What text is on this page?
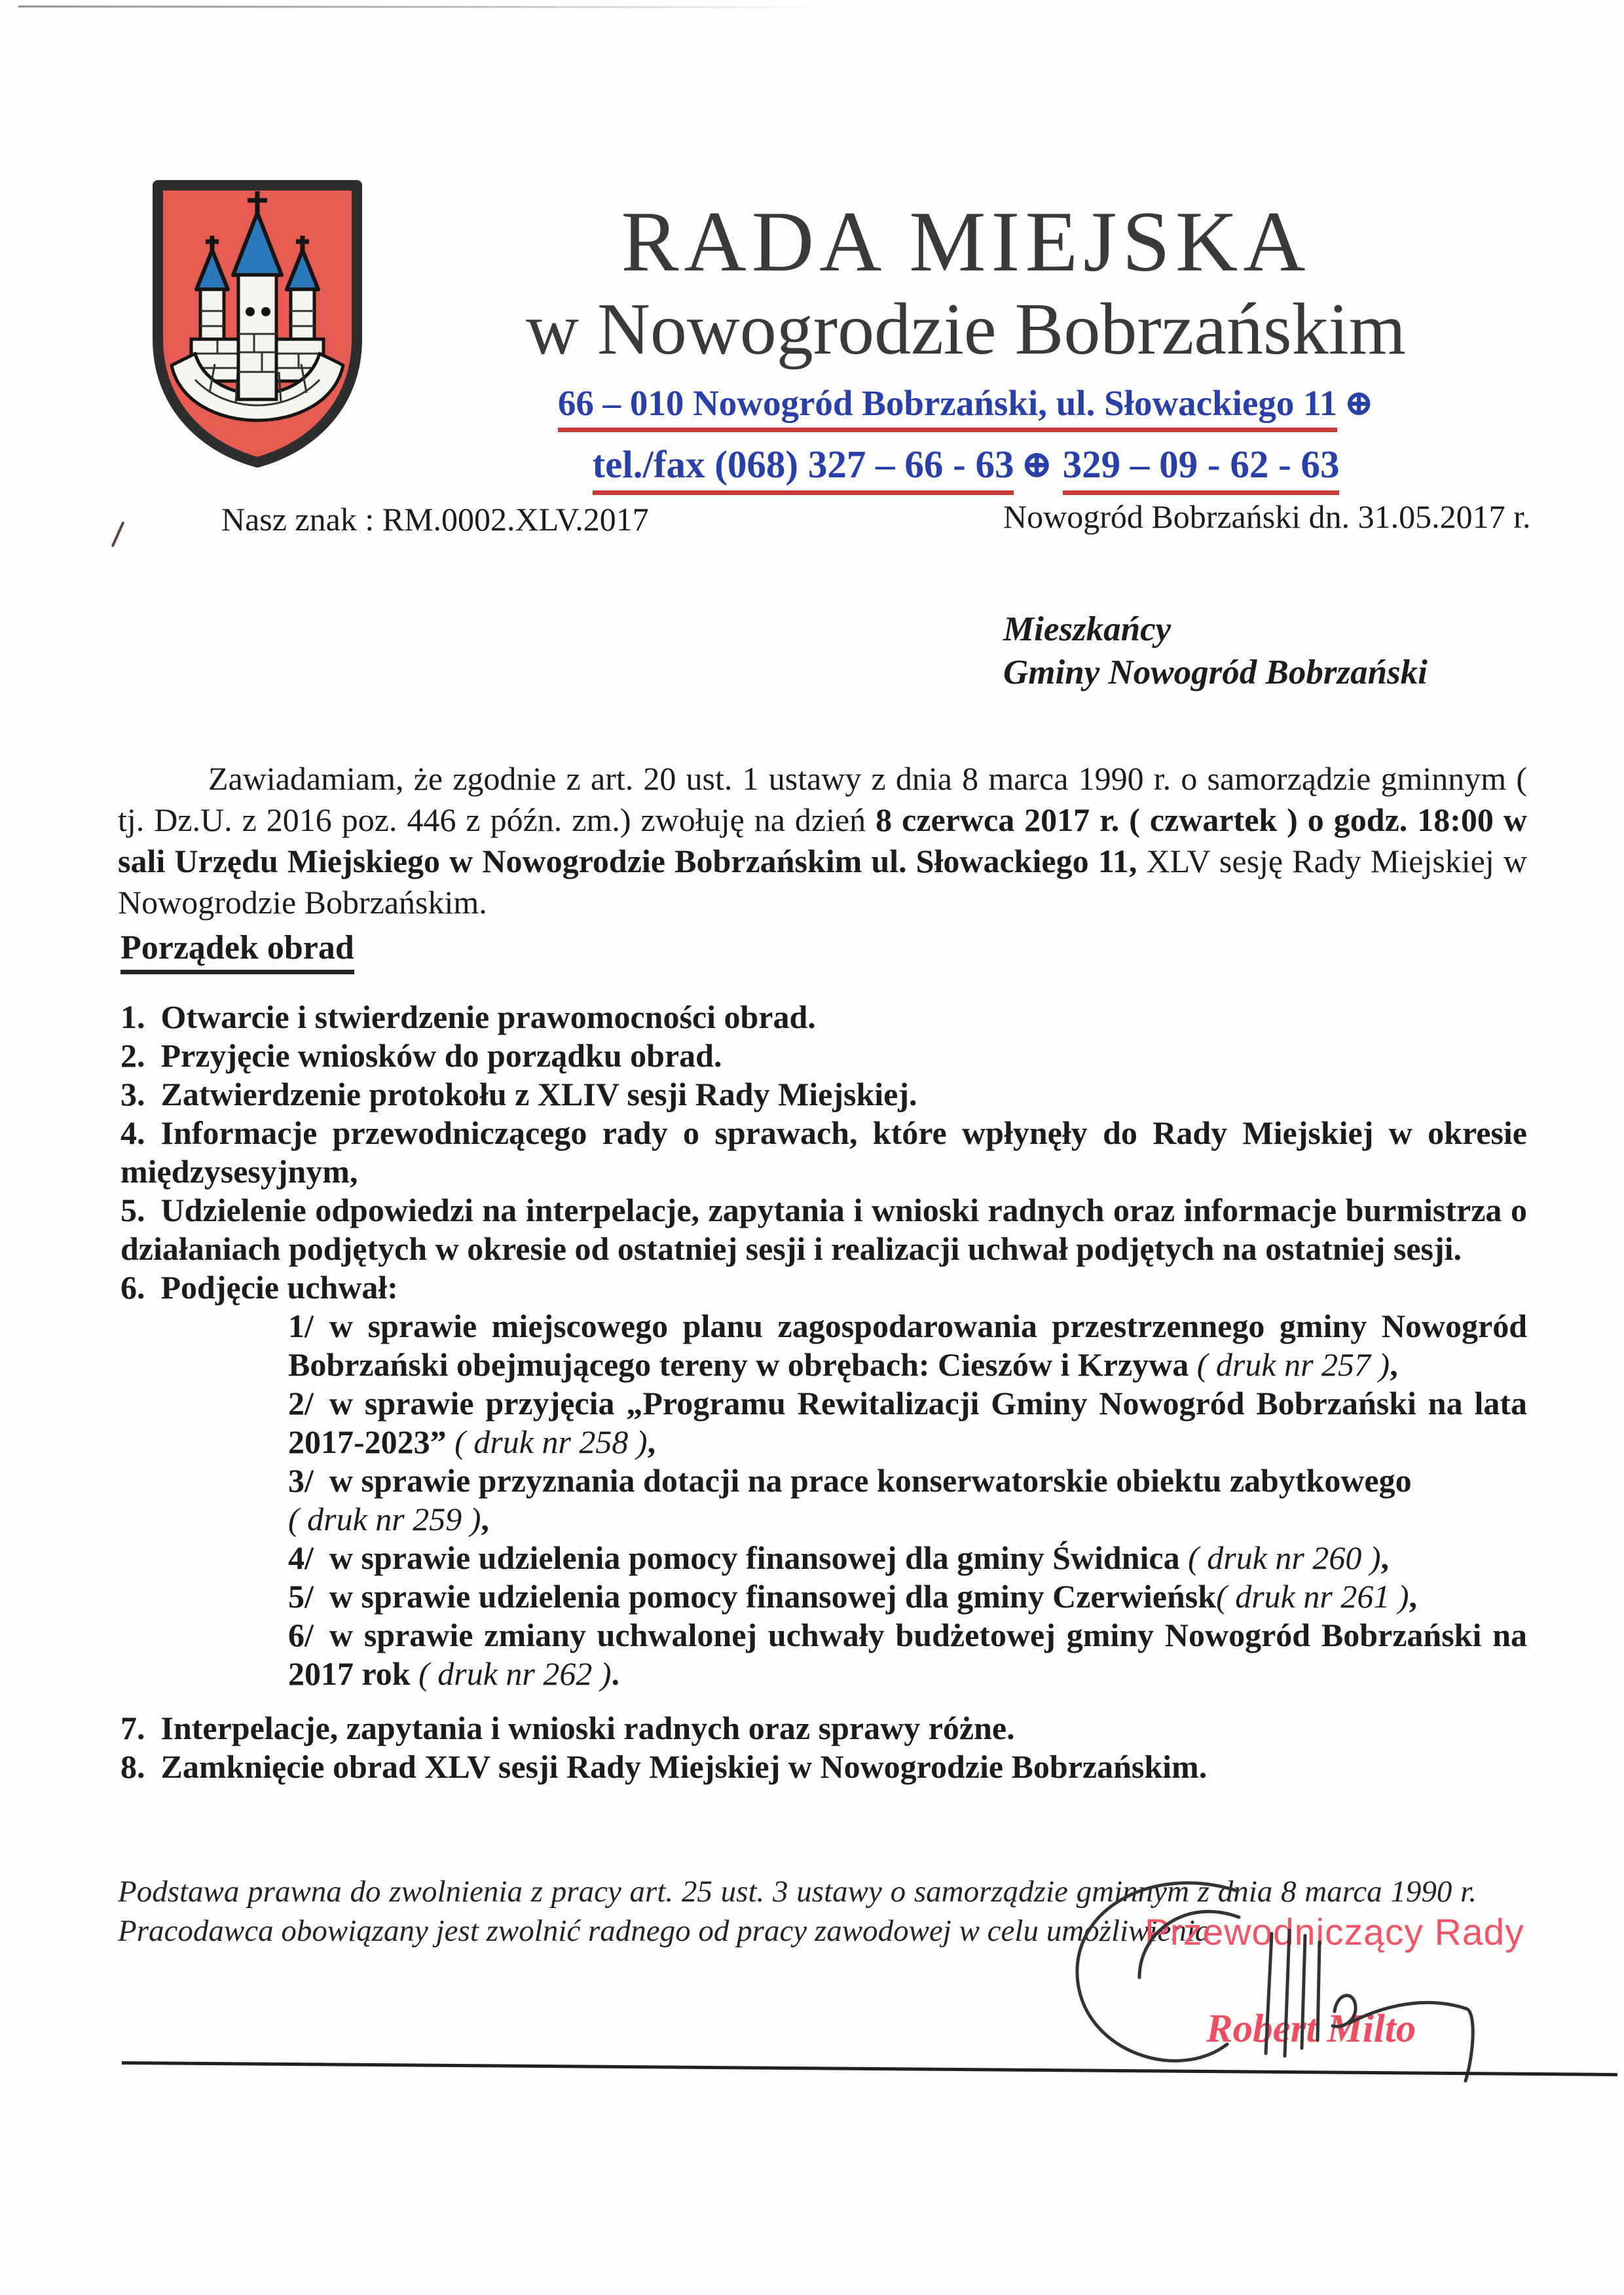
RADA MIEJSKA
w Nowogrodzie Bobrzańskim
66 – 010 Nowogród Bobrzański, ul. Słowackiego 11 ⊕
tel./fax (068) 327 – 66 - 63 ⊕ 329 – 09 - 62 - 63
Nasz znak : RM.0002.XLV.2017	Nowogród Bobrzański dn. 31.05.2017 r.
Mieszkańcy
Gminy Nowogród Bobrzański

Zawiadamiam, że zgodnie z art. 20 ust. 1 ustawy z dnia 8 marca 1990 r. o samorządzie gminnym ( tj. Dz.U. z 2016 poz. 446 z późn. zm.) zwołuję na dzień 8 czerwca 2017 r. ( czwartek ) o godz. 18:00 w sali Urzędu Miejskiego w Nowogrodzie Bobrzańskim ul. Słowackiego 11, XLV sesję Rady Miejskiej w Nowogrodzie Bobrzańskim.

Porządek obrad

1. Otwarcie i stwierdzenie prawomocności obrad.

2. Przyjęcie wniosków do porządku obrad.

3. Zatwierdzenie protokołu z XLIV sesji Rady Miejskiej.

4. Informacje przewodniczącego rady o sprawach, które wpłynęły do Rady Miejskiej w okresie międzysesyjnym,

5. Udzielenie odpowiedzi na interpelacje, zapytania i wnioski radnych oraz informacje burmistrza o działaniach podjętych w okresie od ostatniej sesji i realizacji uchwał podjętych na ostatniej sesji.

6. Podjęcie uchwał:

1/ w sprawie miejscowego planu zagospodarowania przestrzennego gminy Nowogród Bobrzański obejmującego tereny w obrębach: Cieszów i Krzywa ( druk nr 257 ),

2/ w sprawie przyjęcia „Programu Rewitalizacji Gminy Nowogród Bobrzański na lata 2017-2023” ( druk nr 258 ),

3/ w sprawie przyznania dotacji na prace konserwatorskie obiektu zabytkowego
( druk nr 259 ),

4/ w sprawie udzielenia pomocy finansowej dla gminy Świdnica ( druk nr 260 ),

5/ w sprawie udzielenia pomocy finansowej dla gminy Czerwieńsk( druk nr 261 ),

6/ w sprawie zmiany uchwalonej uchwały budżetowej gminy Nowogród Bobrzański na 2017 rok ( druk nr 262 ).

7. Interpelacje, zapytania i wnioski radnych oraz sprawy różne.

8. Zamknięcie obrad XLV sesji Rady Miejskiej w Nowogrodzie Bobrzańskim.

Podstawa prawna do zwolnienia z pracy art. 25 ust. 3 ustawy o samorządzie gminnym z dnia 8 marca 1990 r. Pracodawca obowiązany jest zwolnić radnego od pracy zawodowej w celu umożliwienia

Przewodniczący Rady
Robert Milto
